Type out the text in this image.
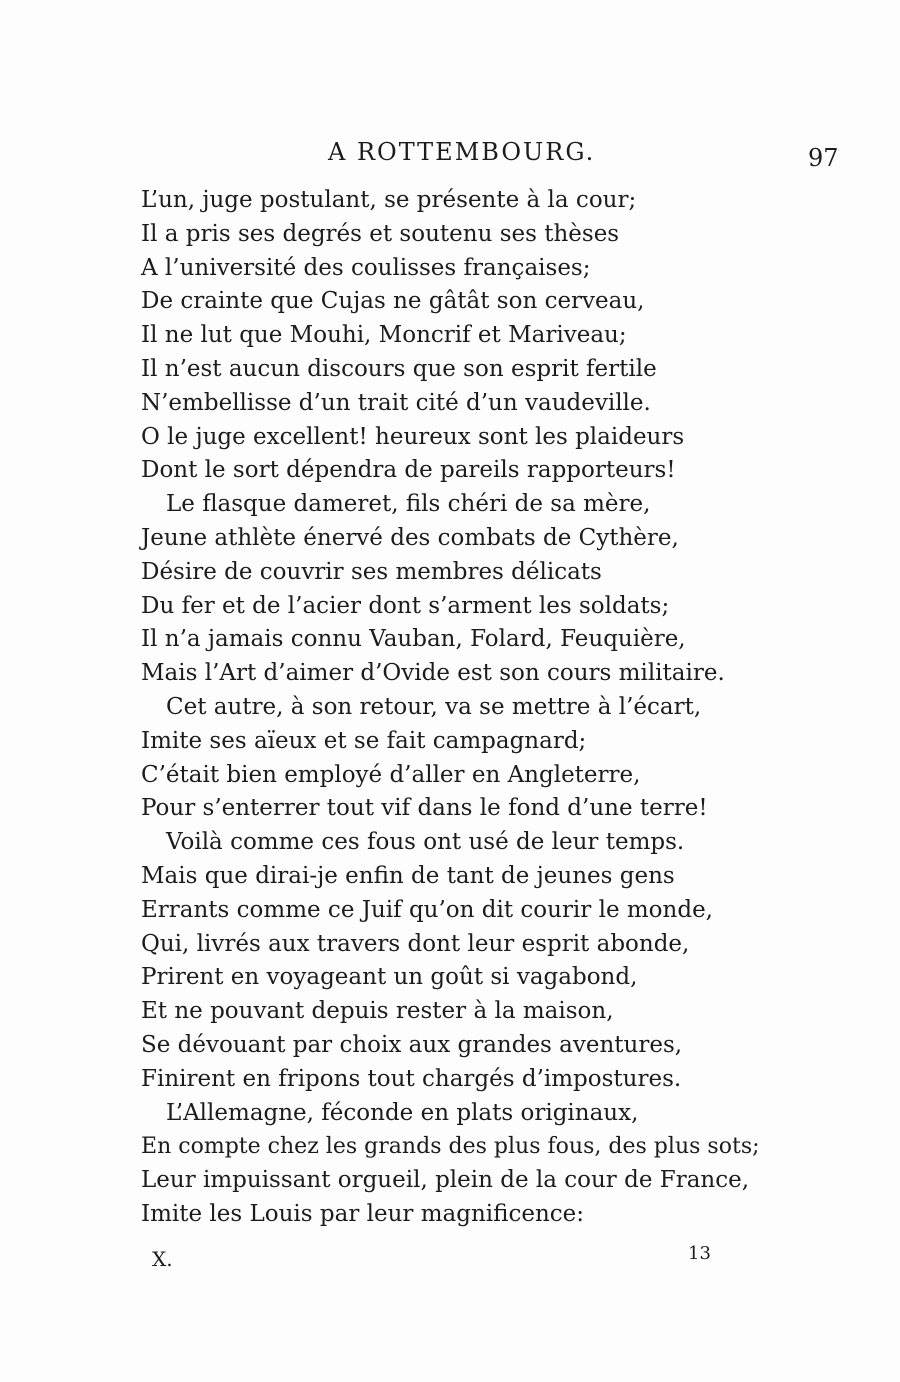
A ROTTEMBOURG.	97
L’un, juge postulant, se présente à la cour;
Il a pris ses degrés et soutenu ses thèses
A l’université des coulisses françaises;
De crainte que Cujas ne gâtât son cerveau,
Il ne lut que Mouhi, Moncrif et Mariveau;
Il n’est aucun discours que son esprit fertile
N’embellisse d’un trait cité d’un vaudeville.
O le juge excellent! heureux sont les plaideurs
Dont le sort dépendra de pareils rapporteurs!
Le flasque dameret, fils chéri de sa mère,
Jeune athlète énervé des combats de Cythère,
Désire de couvrir ses membres délicats
Du fer et de l’acier dont s’arment les soldats;
Il n’a jamais connu Vauban, Folard, Feuquière,
Mais l’Art d’aimer d’Ovide est son cours militaire.
Cet autre, à son retour, va se mettre à l’écart,
Imite ses aïeux et se fait campagnard;
C’était bien employé d’aller en Angleterre,
Pour s’enterrer tout vif dans le fond d’une terre!
Voilà comme ces fous ont usé de leur temps.
Mais que dirai-je enfin de tant de jeunes gens
Errants comme ce Juif qu’on dit courir le monde,
Qui, livrés aux travers dont leur esprit abonde,
Prirent en voyageant un goût si vagabond,
Et ne pouvant depuis rester à la maison,
Se dévouant par choix aux grandes aventures,
Finirent en fripons tout chargés d’impostures.
L’Allemagne, féconde en plats originaux,
En compte chez les grands des plus fous, des plus sots;
Leur impuissant orgueil, plein de la cour de France,
Imite les Louis par leur magnificence:
X.	13
